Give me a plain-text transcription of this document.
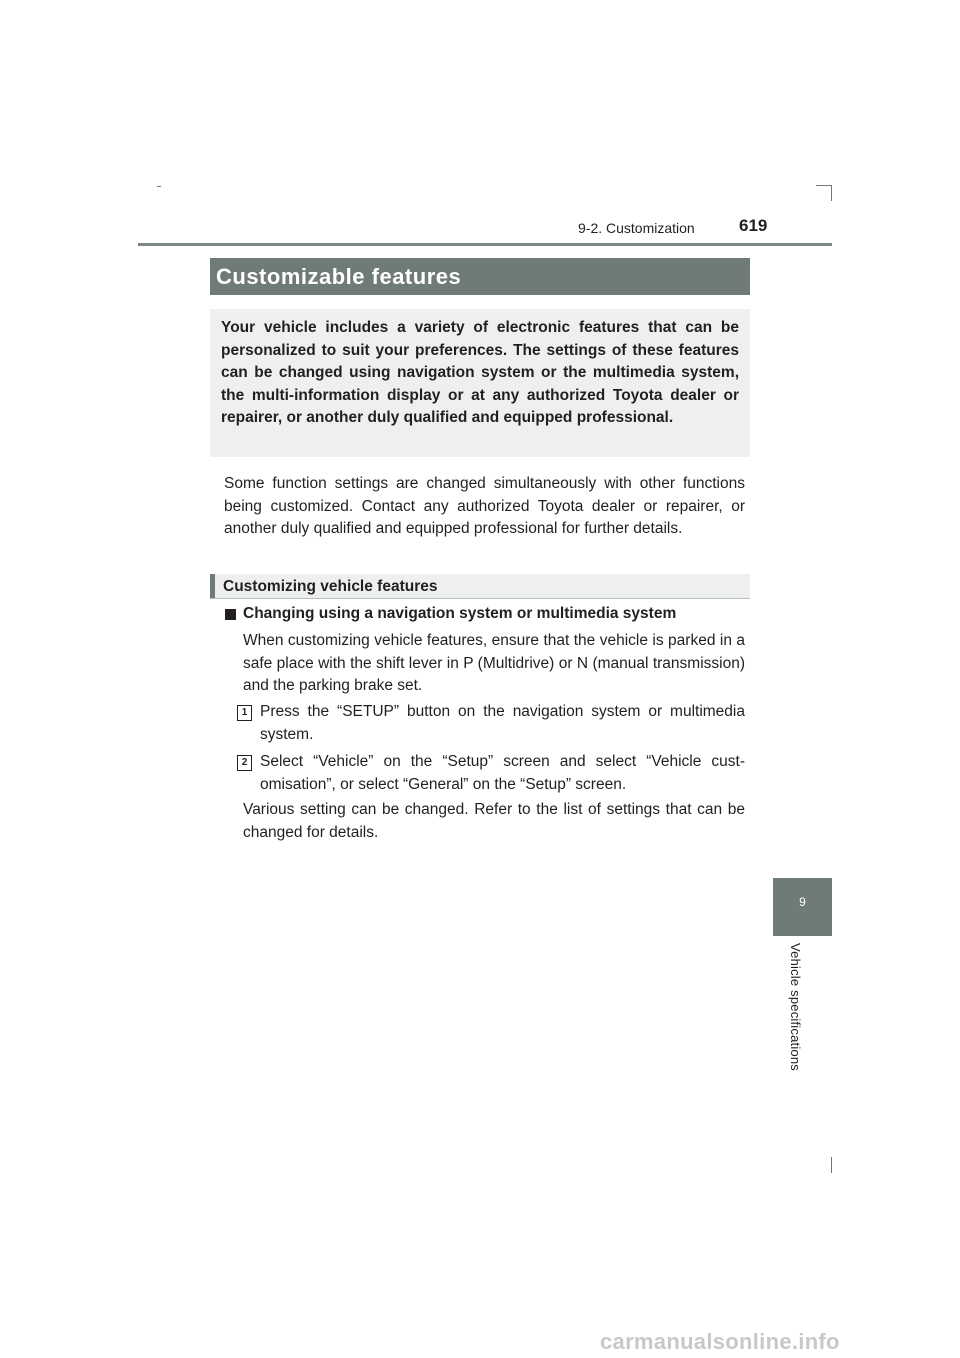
9-2. Customization	619
9
Vehicle specifications
Customizable features
Your vehicle includes a variety of electronic features that can be personalized to suit your preferences. The settings of these features can be changed using navigation system or the multimedia system, the multi-information display or at any authorized Toyota dealer or repairer, or another duly qualified and equipped professional.
Some function settings are changed simultaneously with other functions being customized. Contact any authorized Toyota dealer or repairer, or another duly qualified and equipped professional for further details.
Customizing vehicle features
Changing using a navigation system or multimedia system
When customizing vehicle features, ensure that the vehicle is parked in a safe place with the shift lever in P (Multidrive) or N (manual transmission) and the parking brake set.
1 Press the “SETUP” button on the navigation system or multimedia system.
2 Select “Vehicle” on the “Setup” screen and select “Vehicle customisation”, or select “General” on the “Setup” screen.
Various setting can be changed. Refer to the list of settings that can be changed for details.
carmanualsonline.info
